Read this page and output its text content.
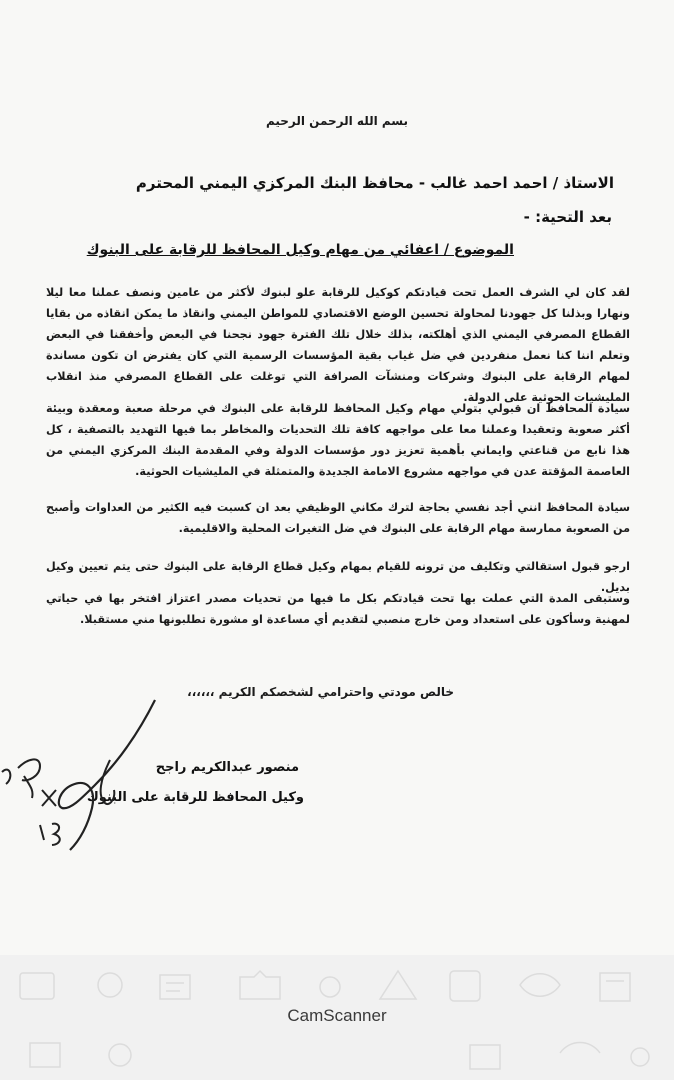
بسم الله الرحمن الرحيم
الاستاذ / احمد احمد غالب - محافظ البنك المركزي اليمني
المحترم
بعد التحية: -
الموضوع / اعفائي من مهام وكيل المحافظ للرقابة على البنوك
لقد كان لي الشرف العمل تحت قيادتكم كوكيل للرقابة علو لبنوك لأكثر من عامين ونصف عملنا معا ليلا ونهارا وبذلنا كل جهودنا لمحاولة تحسين الوضع الاقتصادي للمواطن اليمني وانقاذ ما يمكن انقاذه من بقايا القطاع المصرفي اليمني الذي أهلكته، بذلك خلال تلك الفترة جهود نجحنا في البعض وأخفقنا في البعض وتعلم اننا كنا نعمل منفردين في ضل غياب بقية المؤسسات الرسمية التي كان يفترض ان تكون مساندة لمهام الرقابة على البنوك وشركات ومنشآت الصرافة التي توغلت على القطاع المصرفي منذ انقلاب المليشيات الحوثية على الدولة.
سيادة المحافظ ان قبولي بتولي مهام وكيل المحافظ للرقابة على البنوك في مرحلة صعبة ومعقدة وبيئة أكثر صعوبة وتعقيدا وعملنا معا على مواجهه كافة تلك التحديات والمخاطر بما فيها التهديد بالتصفية ، كل هذا نابع من قناعتي وايماني بأهمية تعزيز دور مؤسسات الدولة وفي المقدمة البنك المركزي اليمني من العاصمة المؤقتة عدن في مواجهه مشروع الامامة الجديدة والمتمثلة في المليشيات الحوثية.
سيادة المحافظ انني أجد نفسي بحاجة لترك مكاني الوظيفي بعد ان كسبت فيه الكثير من العداوات وأصبح من الصعوبة ممارسة مهام الرقابة على البنوك في ضل التغيرات المحلية والاقليمية.
ارجو قبول استقالتي وتكليف من ترونه للقيام بمهام وكيل قطاع الرقابة على البنوك حتى يتم تعيين وكيل بديل.
وستبقى المدة التي عملت بها تحت قيادتكم بكل ما فيها من تحديات مصدر اعتزاز افتخر بها في حياتي لمهنية وسأكون على استعداد ومن خارج منصبي لتقديم أي مساعدة او مشورة تطلبونها مني مستقبلا.
خالص مودتي واحترامي لشخصكم الكريم ،،،،،،
منصور عبدالكريم راجح
وكيل المحافظ للرقابة على البنوك
CamScanner
